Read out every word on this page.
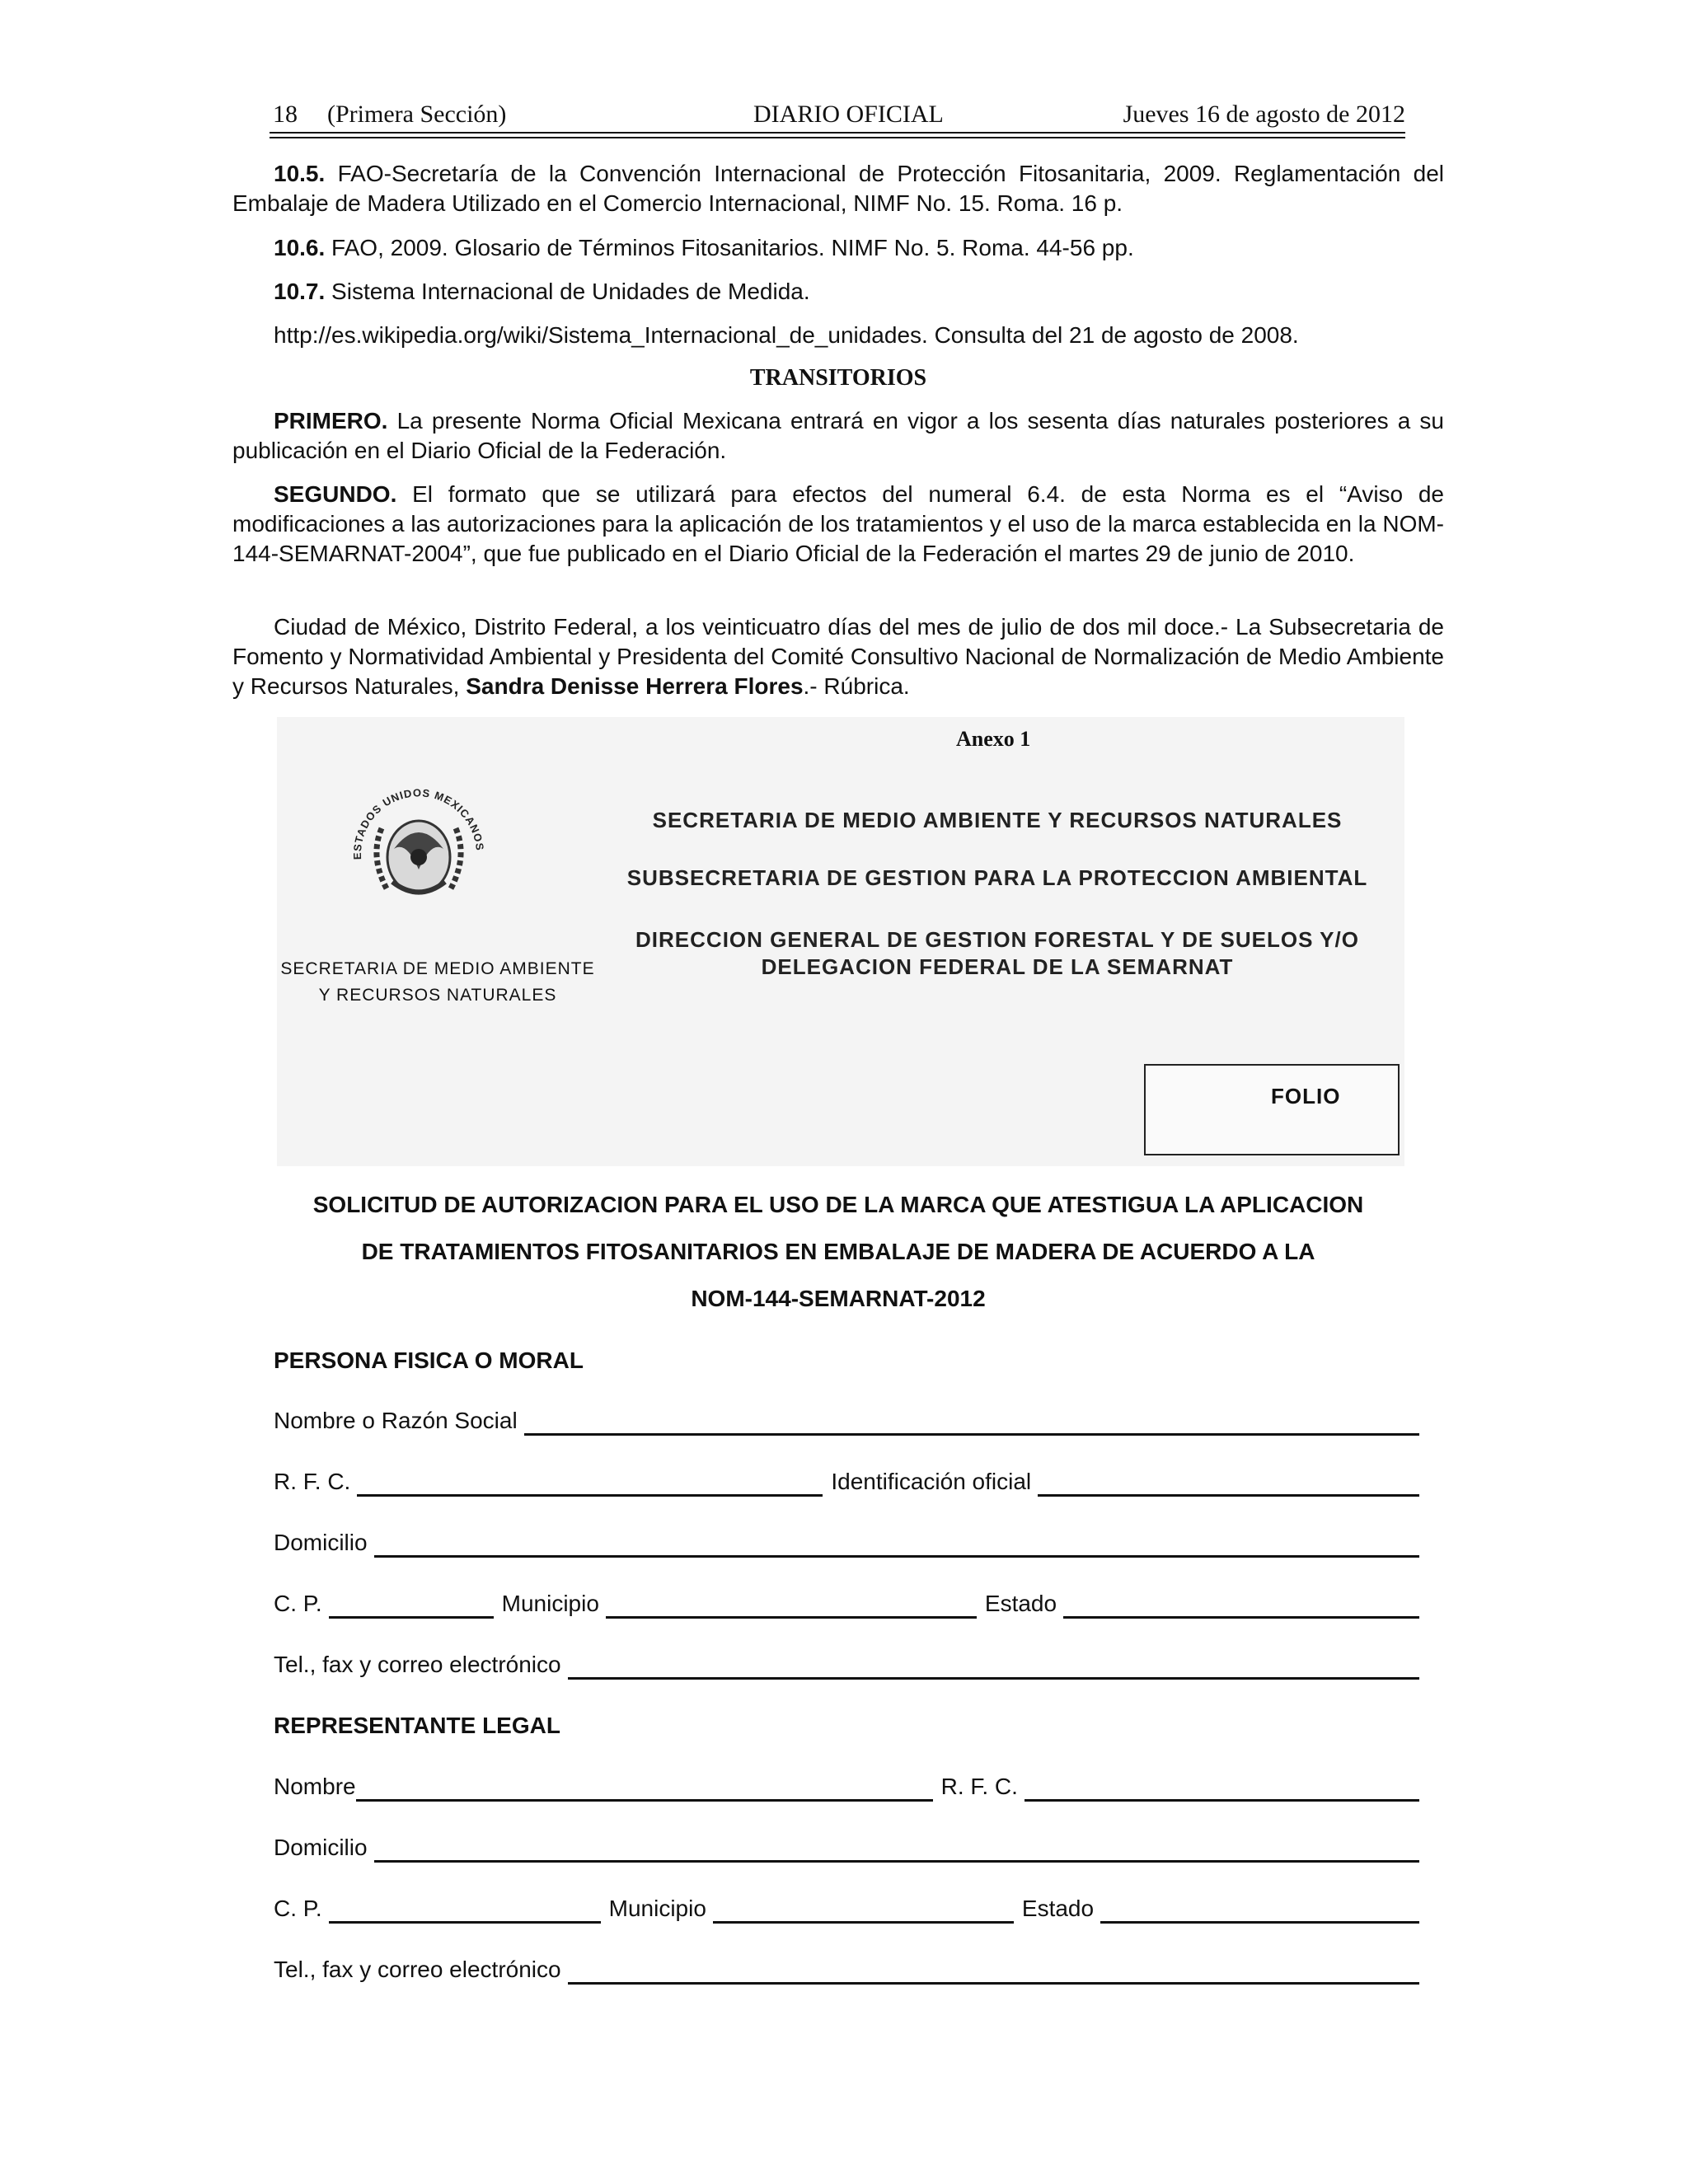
18 (Primera Sección)	DIARIO OFICIAL	Jueves 16 de agosto de 2012

10.5. FAO-Secretaría de la Convención Internacional de Protección Fitosanitaria, 2009. Reglamentación del Embalaje de Madera Utilizado en el Comercio Internacional, NIMF No. 15. Roma. 16 p.

10.6. FAO, 2009. Glosario de Términos Fitosanitarios. NIMF No. 5. Roma. 44-56 pp.

10.7. Sistema Internacional de Unidades de Medida.

http://es.wikipedia.org/wiki/Sistema_Internacional_de_unidades. Consulta del 21 de agosto de 2008.

TRANSITORIOS

PRIMERO. La presente Norma Oficial Mexicana entrará en vigor a los sesenta días naturales posteriores a su publicación en el Diario Oficial de la Federación.

SEGUNDO. El formato que se utilizará para efectos del numeral 6.4. de esta Norma es el “Aviso de modificaciones a las autorizaciones para la aplicación de los tratamientos y el uso de la marca establecida en la NOM-144-SEMARNAT-2004”, que fue publicado en el Diario Oficial de la Federación el martes 29 de junio de 2010.

Ciudad de México, Distrito Federal, a los veinticuatro días del mes de julio de dos mil doce.- La Subsecretaria de Fomento y Normatividad Ambiental y Presidenta del Comité Consultivo Nacional de Normalización de Medio Ambiente y Recursos Naturales, Sandra Denisse Herrera Flores.- Rúbrica.

Anexo 1
ESTADOS UNIDOS MEXICANOS
SECRETARIA DE MEDIO AMBIENTE
Y RECURSOS NATURALES
SECRETARIA DE MEDIO AMBIENTE Y RECURSOS NATURALES
SUBSECRETARIA DE GESTION PARA LA PROTECCION AMBIENTAL
DIRECCION GENERAL DE GESTION FORESTAL Y DE SUELOS Y/O
DELEGACION FEDERAL DE LA SEMARNAT
FOLIO
SOLICITUD DE AUTORIZACION PARA EL USO DE LA MARCA QUE ATESTIGUA LA APLICACION
DE TRATAMIENTOS FITOSANITARIOS EN EMBALAJE DE MADERA DE ACUERDO A LA
NOM-144-SEMARNAT-2012
PERSONA FISICA O MORAL
Nombre o Razón Social
R. F. C.	Identificación oficial
Domicilio
C. P.	Municipio	Estado
Tel., fax y correo electrónico
REPRESENTANTE LEGAL
Nombre	R. F. C.
Domicilio
C. P.	Municipio	Estado
Tel., fax y correo electrónico
